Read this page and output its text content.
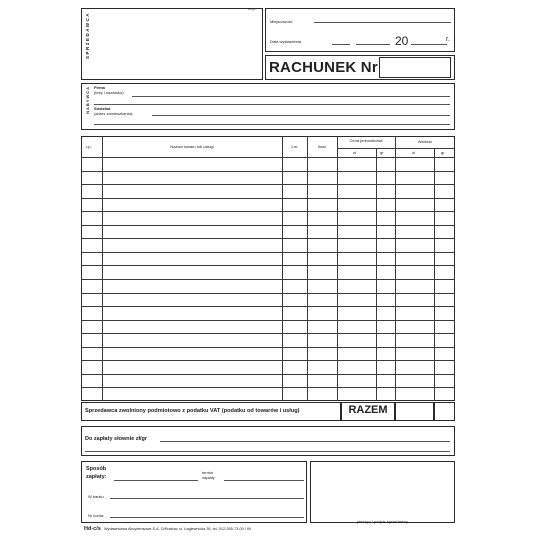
SPRZEDAWCA
m.p.
Miejscowość
Data wystawienia	20	r.
RACHUNEK Nr
NABYWCA Firma
(imię i nazwisko):
Siedziba
(adres zamieszkania):
Lp.	Nazwa towaru lub usługi	J.m.	Ilość
Cena jednostkowa	Wartość
zł	gr	zł	gr
Sprzedawca zwolniony podmiotowo z podatku VAT (podatku od towarów i usług)	RAZEM
Do zapłaty słownie zł/gr
Sposób
zapłaty:
termin
zapłaty
W banku
Nr konta:
pieczęć i podpis sprzedawcy
Hd-c/s Wydawnictwa Akcydensowe S.A. O/Kraków, ul. Łagiewnicka 39, tel. 012-265-73-00 / 09
